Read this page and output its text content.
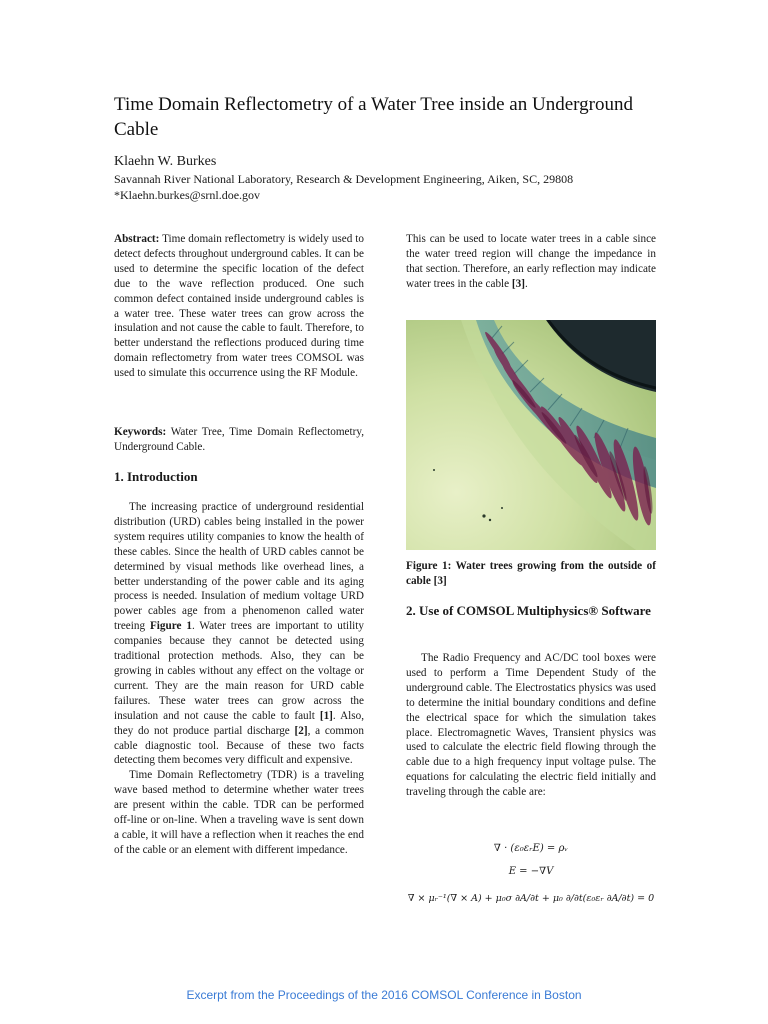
Time Domain Reflectometry of a Water Tree inside an Underground Cable
Klaehn W. Burkes
Savannah River National Laboratory, Research & Development Engineering, Aiken, SC, 29808
*Klaehn.burkes@srnl.doe.gov
Abstract: Time domain reflectometry is widely used to detect defects throughout underground cables. It can be used to determine the specific location of the defect due to the wave reflection produced. One such common defect contained inside underground cables is a water tree. These water trees can grow across the insulation and not cause the cable to fault. Therefore, to better understand the reflections produced during time domain reflectometry from water trees COMSOL was used to simulate this occurrence using the RF Module.
Keywords: Water Tree, Time Domain Reflectometry, Underground Cable.
1. Introduction

The increasing practice of underground residential distribution (URD) cables being installed in the power system requires utility companies to know the health of these cables. Since the health of URD cables cannot be determined by visual methods like overhead lines, a better understanding of the power cable and its aging process is needed. Insulation of medium voltage URD power cables age from a phenomenon called water treeing Figure 1. Water trees are important to utility companies because they cannot be detected using traditional protection methods. Also, they can be growing in cables without any effect on the voltage or current. They are the main reason for URD cable failures. These water trees can grow across the insulation and not cause the cable to fault [1]. Also, they do not produce partial discharge [2], a common cable diagnostic tool. Because of these two facts detecting them becomes very difficult and expensive.

Time Domain Reflectometry (TDR) is a traveling wave based method to determine whether water trees are present within the cable. TDR can be performed off-line or on-line. When a traveling wave is sent down a cable, it will have a reflection when it reaches the end of the cable or an element with different impedance.

This can be used to locate water trees in a cable since the water treed region will change the impedance in that section. Therefore, an early reflection may indicate water trees in the cable [3].
Figure 1: Water trees growing from the outside of cable [3]
2. Use of COMSOL Multiphysics® Software

The Radio Frequency and AC/DC tool boxes were used to perform a Time Dependent Study of the underground cable. The Electrostatics physics was used to determine the initial boundary conditions and define the electrical space for which the simulation takes place. Electromagnetic Waves, Transient physics was used to calculate the electric field flowing through the cable due to a high frequency input voltage pulse. The equations for calculating the electric field initially and traveling through the cable are:

∇ · (ε₀εᵣE) = ρᵥ
E = −∇V
∇ × μᵣ⁻¹(∇ × A) + μ₀σ ∂A/∂t + μ₀ ∂/∂t(ε₀εᵣ ∂A/∂t) = 0
Excerpt from the Proceedings of the 2016 COMSOL Conference in Boston
